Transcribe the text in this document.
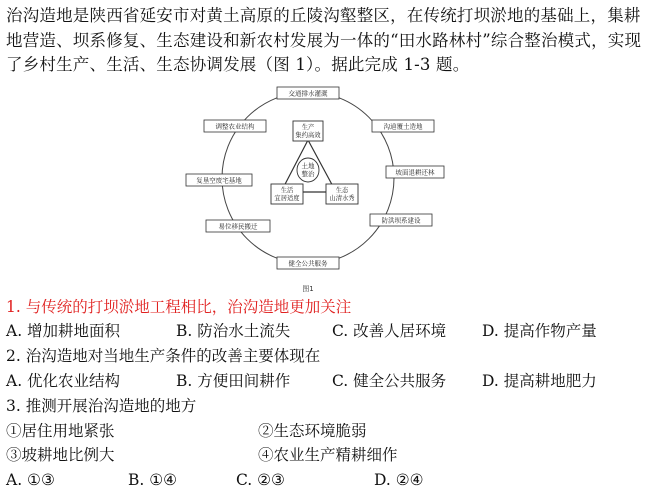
治沟造地是陕西省延安市对黄土高原的丘陵沟壑整区，在传统打坝淤地的基础上，集耕地营造、坝系修复、生态建设和新农村发展为一体的“田水路林村”综合整治模式，实现了乡村生产、生活、生态协调发展（图 1）。据此完成 1-3 题。

交通排水灌溉
调整农业结构	沟道覆土造地
复垦空废宅基地
坡面退耕还林
易位移民搬迁
防洪坝系建设
健全公共服务
土地
整治
生产
集约高效
生活
宜居适度
生态
山清水秀
图1
1. 与传统的打坝淤地工程相比，治沟造地更加关注
A. 增加耕地面积	B. 防治水土流失	C. 改善人居环境 D. 提高作物产量
2. 治沟造地对当地生产条件的改善主要体现在
A. 优化农业结构	B. 方便田间耕作	C. 健全公共服务 D. 提高耕地肥力
3. 推测开展治沟造地的地方
①居住用地紧张	②生态环境脆弱
③坡耕地比例大	④农业生产精耕细作
A. ①③	B. ①④	C. ②③	D. ②④
